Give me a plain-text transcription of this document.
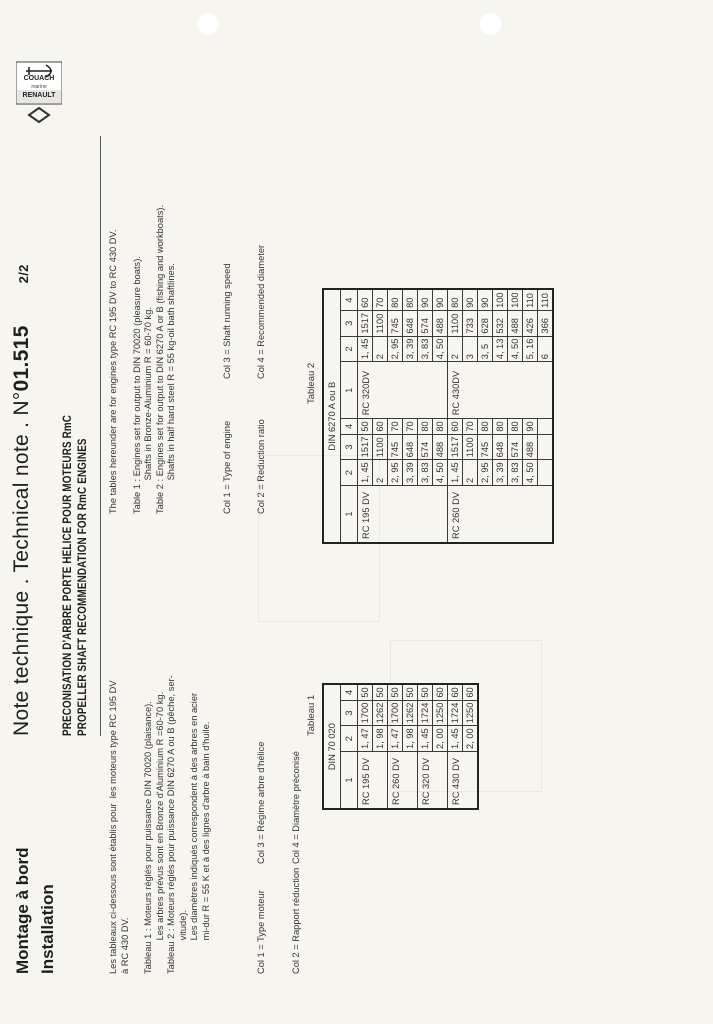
Montage à bord Installation
Note technique . Technical note . N°01.515 2/2
PRECONISATION D'ARBRE PORTE HELICE POUR MOTEURS RmC PROPELLER SHAFT RECOMMENDATION FOR RmC ENGINES
RENAULT
marine
COUACH
Les tableaux ci-dessous sont établis pour  les moteurs type RC 195 DV à RC 430 DV. Tableau 1 : Moteurs réglés pour puissance DIN 70020 (plaisance). Les arbres prévus sont en Bronze d'Aluminium R =60-70 kg. Tableau 2 : Moteurs réglés pour puissance DIN 6270 A ou B (pêche, ser- vitude). Les diamètres indiqués correspondent à des arbres en acier mi-dur R = 55 K et à des lignes d'arbre à bain d'huile.

	Col 1 = Type moteur

	Col 2 = Rapport réduction

Col 3 = Régime arbre d'hélice

	Col 4 = Diamètre préconisé

The tables hereunder are for engines type RC 195 DV to RC 430 DV. Table 1 : Engines set for output to DIN 70020 (pleasure boats). Shafts in Bronze-Aluminium R = 60-70 kg. Table 2 : Engines set for output to DIN 6270 A or B (fishing and workboats). Shafts in half hard steel R = 55 kg-oil bath shaftlines.

	Col 1 = Type of engine

	Col 2 = Reduction ratio

Col 3 = Shaft running speed

	Col 4 = Recommended diameter

Tableau 1
DIN 70 020			
1	2	3	4
RC 195 DV	1, 47	1700	50
	1, 98	1262	50
RC 260 DV	1, 47	1700	50
	1, 98	1262	50
RC 320 DV	1, 45	1724	50
	2, 00	1250	60
RC 430 DV	1, 45	1724	60
	2, 00	1250	60
Tableau 2 DIN 6270 A ou B							
1	2	3	4	1	2	3	4
RC 195 DV	1, 45	1517	50	RC 320DV	1, 45	1517	60
	2	1100	60		2	1100	70
	2, 95	745	70		2, 95	745	80
	3, 39	648	70		3, 39	648	80
	3, 83	574	80		3, 83	574	90
	4, 50	488	80		4, 50	488	90
RC 260 DV	1, 45	1517	60	RC 430DV	2	1100	80
	2	1100	70		3	733	90
	2, 95	745	80		3, 5	628	90
	3, 39	648	80		4, 13	532	100
	3, 83	574	80		4, 50	488	100
	4, 50	488	90		5, 16	426	110
					6	366	110
